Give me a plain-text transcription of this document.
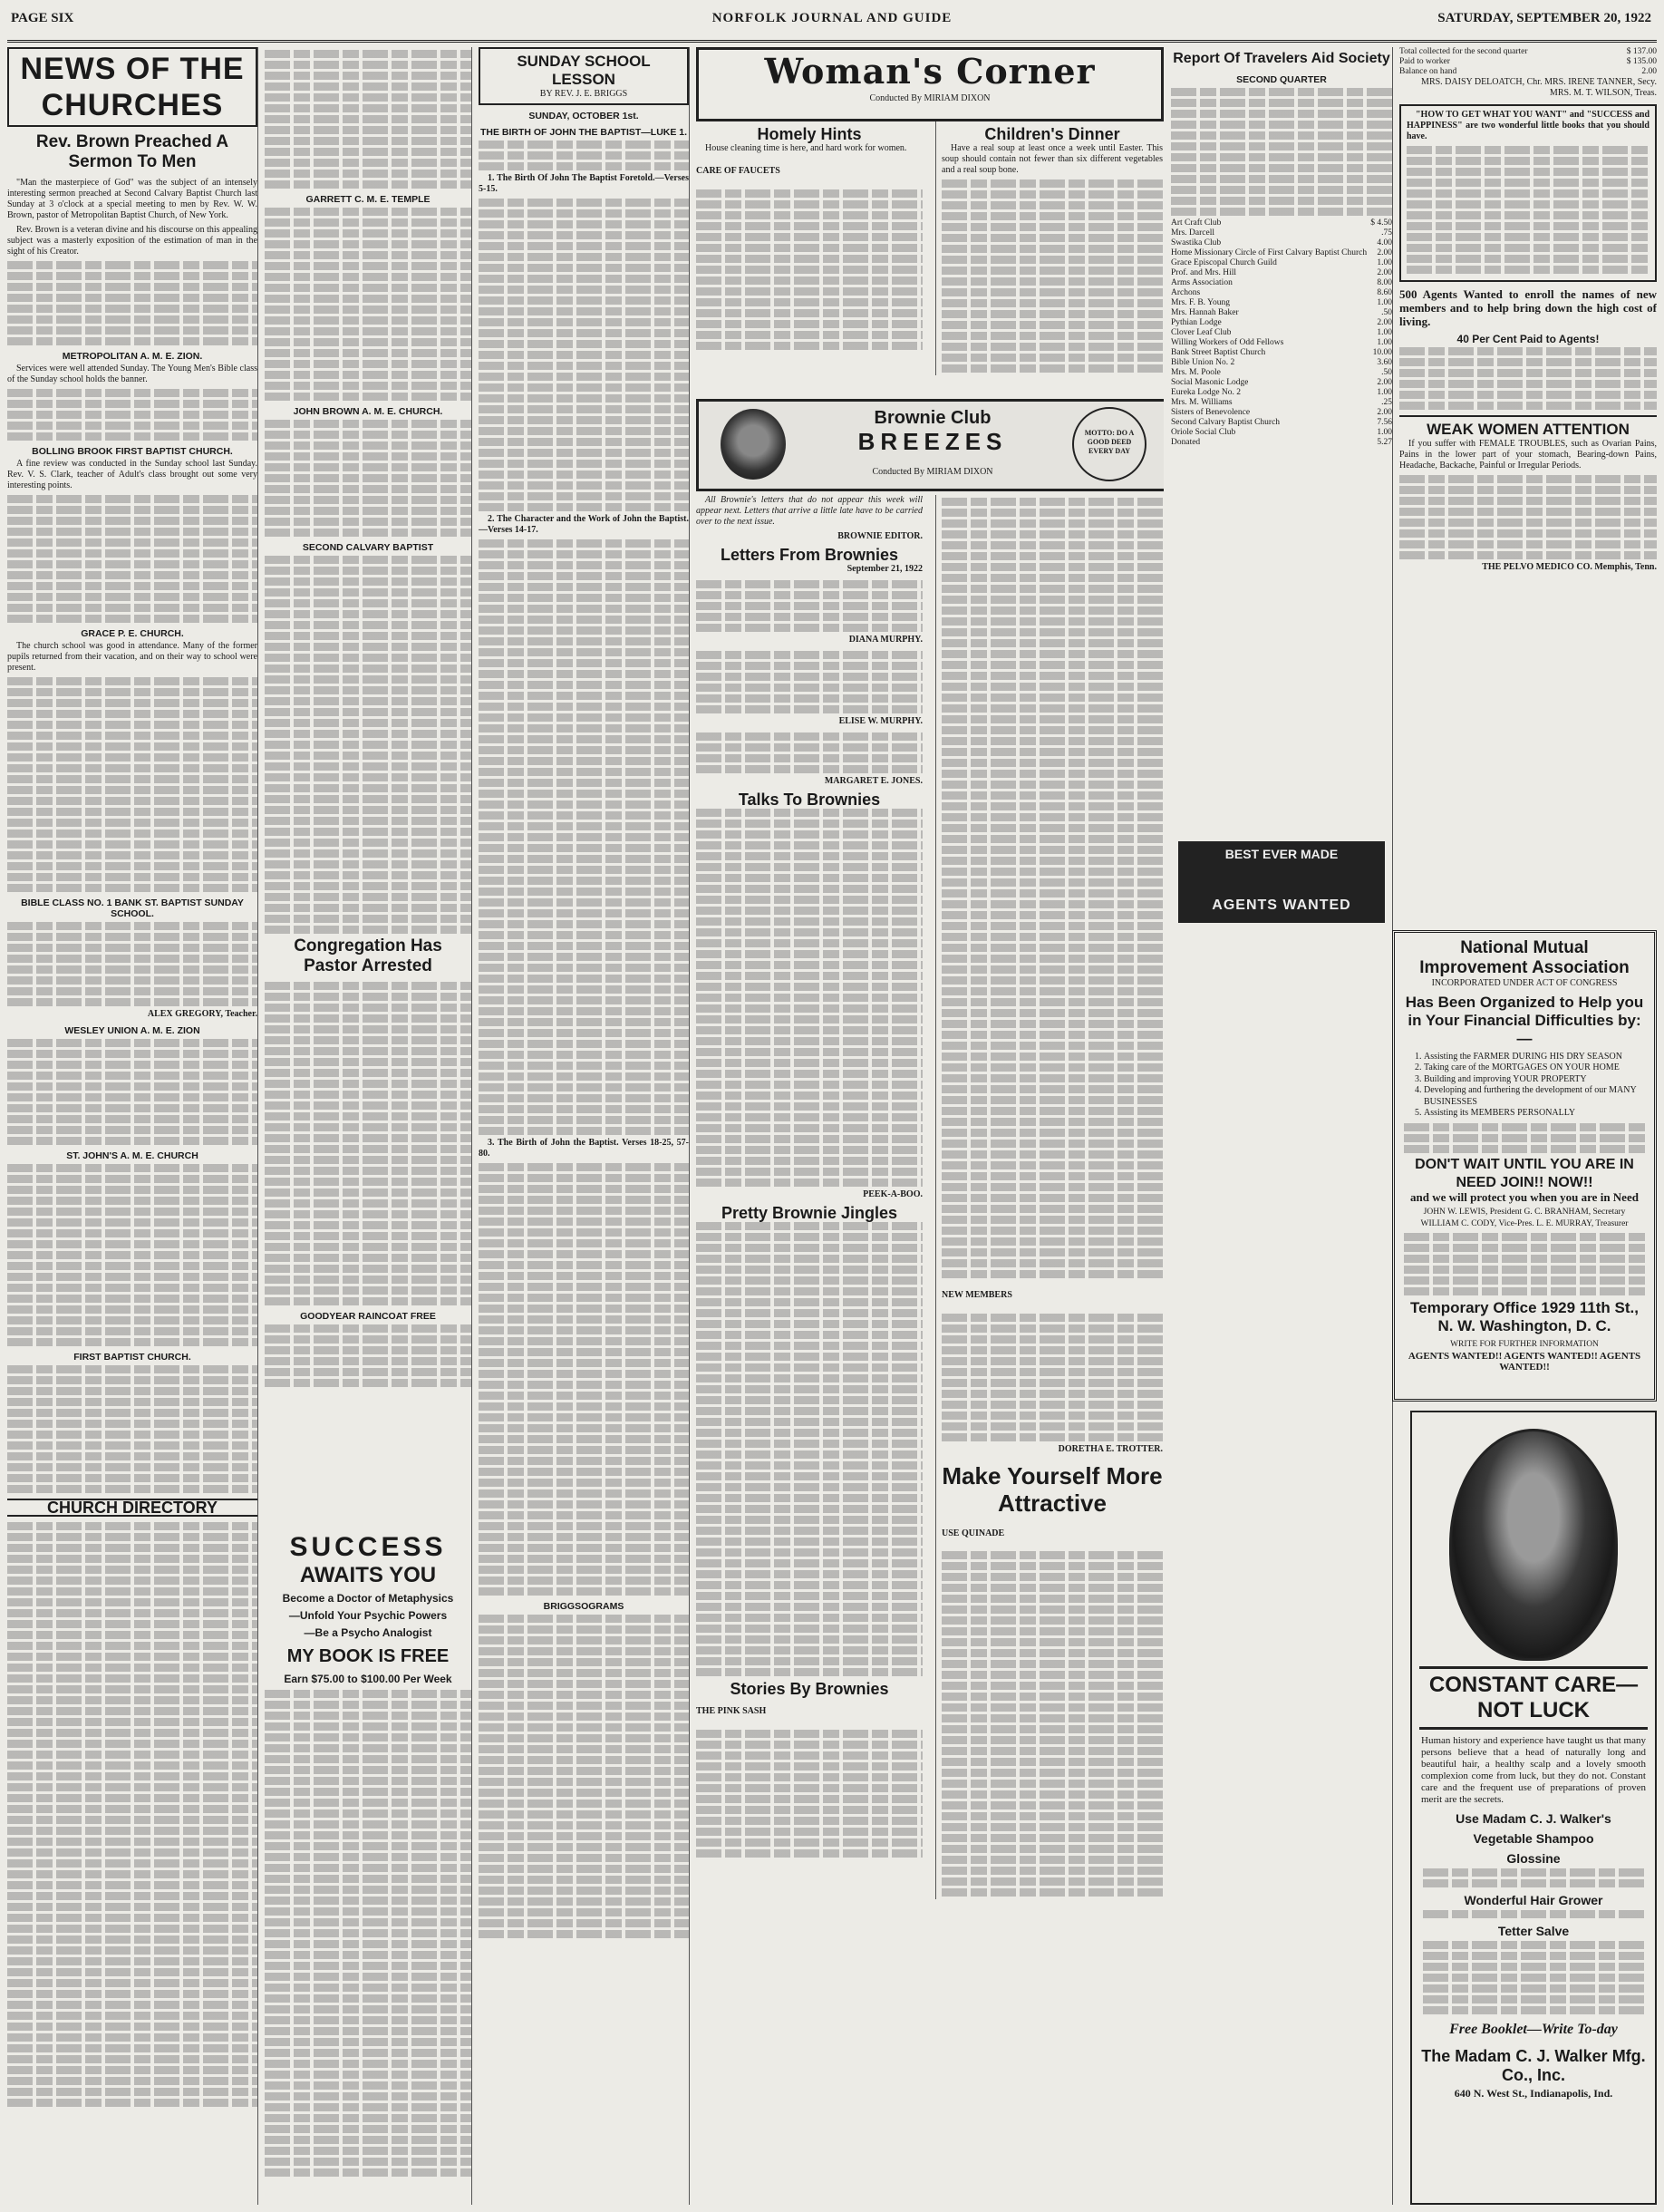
PAGE SIX	NORFOLK JOURNAL AND GUIDE	SATURDAY, SEPTEMBER 20, 1922
NEWS OF THE CHURCHES
Rev. Brown Preached A Sermon To Men

"Man the masterpiece of God" was the subject of an intensely interesting sermon preached at Second Calvary Baptist Church last Sunday at 3 o'clock at a special meeting to men by Rev. W. W. Brown, pastor of Metropolitan Baptist Church, of New York.

Rev. Brown is a veteran divine and his discourse on this appealing subject was a masterly exposition of the estimation of man in the sight of his Creator.

METROPOLITAN A. M. E. ZION.

Services were well attended Sunday. The Young Men's Bible class of the Sunday school holds the banner.

BOLLING BROOK FIRST BAPTIST CHURCH.

A fine review was conducted in the Sunday school last Sunday. Rev. V. S. Clark, teacher of Adult's class brought out some very interesting points.

GRACE P. E. CHURCH.

The church school was good in attendance. Many of the former pupils returned from their vacation, and on their way to school were present.

BIBLE CLASS NO. 1 BANK ST. BAPTIST SUNDAY SCHOOL.
ALEX GREGORY, Teacher.
WESLEY UNION A. M. E. ZION
ST. JOHN'S A. M. E. CHURCH
FIRST BAPTIST CHURCH.
CHURCH DIRECTORY
GARRETT C. M. E. TEMPLE
JOHN BROWN A. M. E. CHURCH.
SECOND CALVARY BAPTIST
Congregation Has Pastor Arrested
GOODYEAR RAINCOAT FREE
SUCCESS
AWAITS YOU
Become a Doctor of Metaphysics
—Unfold Your Psychic Powers
—Be a Psycho Analogist
MY BOOK IS FREE
Earn $75.00 to $100.00 Per Week
SUNDAY SCHOOL LESSON
BY REV. J. E. BRIGGS
SUNDAY, OCTOBER 1st.
THE BIRTH OF JOHN THE BAPTIST—LUKE 1.

1. The Birth Of John The Baptist Foretold.—Verses 5-15.

2. The Character and the Work of John the Baptist.—Verses 14-17.

3. The Birth of John the Baptist. Verses 18-25, 57-80.

BRIGGSOGRAMS
Woman's Corner
Conducted By MIRIAM DIXON
Homely Hints

House cleaning time is here, and hard work for women.

CARE OF FAUCETS
Children's Dinner

Have a real soup at least once a week until Easter. This soup should contain not fewer than six different vegetables and a real soup bone.

Brownie Club
BREEZES
Conducted By MIRIAM DIXON
MOTTO: DO A GOOD DEED EVERY DAY

All Brownie's letters that do not appear this week will appear next. Letters that arrive a little late have to be carried over to the next issue.

BROWNIE EDITOR.
Letters From Brownies
September 21, 1922
DIANA MURPHY.
ELISE W. MURPHY.
MARGARET E. JONES.
Talks To Brownies
PEEK-A-BOO.
Pretty Brownie Jingles
Stories By Brownies
THE PINK SASH
NEW MEMBERS
DORETHA E. TROTTER.
Make Yourself More Attractive
USE QUINADE
Report Of Travelers Aid Society
SECOND QUARTER
Art Craft Club	$ 4.50
Mrs. Darcell	.75
Swastika Club	4.00
Home Missionary Circle of First Calvary Baptist Church 2.00
Grace Episcopal Church Guild	1.00
Prof. and Mrs. Hill	2.00
Arms Association	8.00
Archons	8.60
Mrs. F. B. Young	1.00
Mrs. Hannah Baker	.50
Pythian Lodge	2.00
Clover Leaf Club	1.00
Willing Workers of Odd Fellows	1.00
Bank Street Baptist Church	10.00
Bible Union No. 2	3.60
Mrs. M. Poole	.50
Social Masonic Lodge	2.00
Eureka Lodge No. 2	1.00
Mrs. M. Williams	.25
Sisters of Benevolence	2.00
Second Calvary Baptist Church	7.56
Oriole Social Club	1.00
Donated	5.27
BEST EVER MADE
AGENTS WANTED
Total collected for the second quarter	$ 137.00
Paid to worker	$ 135.00
Balance on hand	2.00

MRS. DAISY DELOATCH, Chr. MRS. IRENE TANNER, Secy. MRS. M. T. WILSON, Treas.

"HOW TO GET WHAT YOU WANT" and "SUCCESS and HAPPINESS" are two wonderful little books that you should have.

500 Agents Wanted to enroll the names of new members and to help bring down the high cost of living.

40 Per Cent Paid to Agents!
WEAK WOMEN ATTENTION

If you suffer with FEMALE TROUBLES, such as Ovarian Pains, Pains in the lower part of your stomach, Bearing-down Pains, Headache, Backache, Painful or Irregular Periods.

THE PELVO MEDICO CO. Memphis, Tenn.

National Mutual Improvement Association
INCORPORATED UNDER ACT OF CONGRESS
Has Been Organized to Help you in Your Financial Difficulties by:—
1. Assisting the FARMER DURING HIS DRY SEASON
2. Taking care of the MORTGAGES ON YOUR HOME
3. Building and improving YOUR PROPERTY
4. Developing and furthering the development of our MANY BUSINESSES
5. Assisting its MEMBERS PERSONALLY
DON'T WAIT UNTIL YOU ARE IN NEED JOIN!! NOW!!
and we will protect you when you are in Need
JOHN W. LEWIS, President G. C. BRANHAM, Secretary WILLIAM C. CODY, Vice-Pres. L. E. MURRAY, Treasurer
Temporary Office 1929 11th St., N. W. Washington, D. C.
WRITE FOR FURTHER INFORMATION
AGENTS WANTED!! AGENTS WANTED!! AGENTS WANTED!!
CONSTANT CARE—NOT LUCK

Human history and experience have taught us that many persons believe that a head of naturally long and beautiful hair, a healthy scalp and a lovely smooth complexion come from luck, but they do not. Constant care and the frequent use of preparations of proven merit are the secrets.

Use Madam C. J. Walker's
Vegetable Shampoo
Glossine
Wonderful Hair Grower
Tetter Salve
Free Booklet—Write To-day
The Madam C. J. Walker Mfg. Co., Inc.
640 N. West St., Indianapolis, Ind.
